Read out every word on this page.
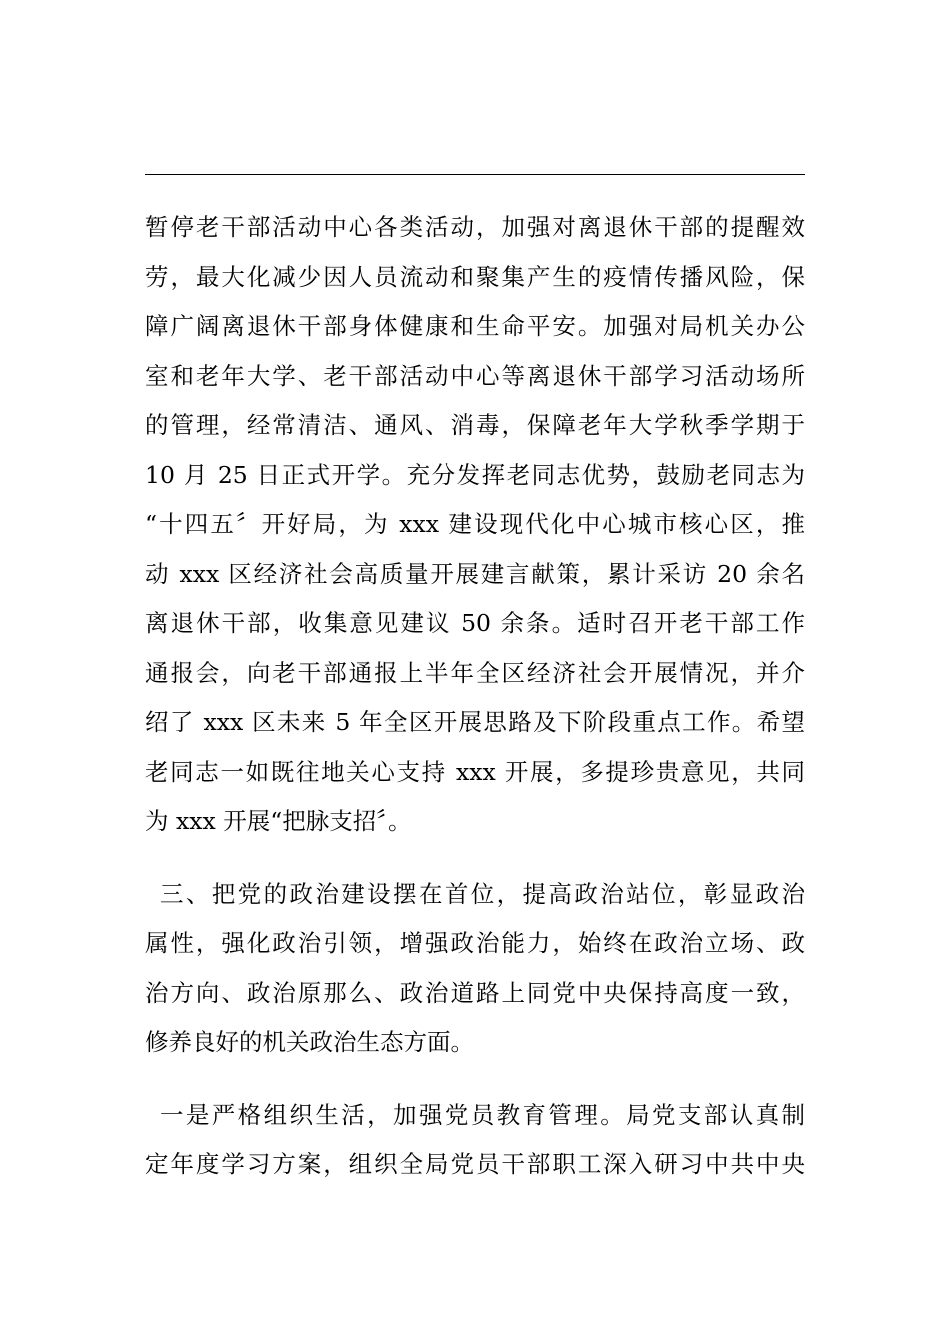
暂停老干部活动中心各类活动，加强对离退休干部的提醒效
劳，最大化减少因人员流动和聚集产生的疫情传播风险，保
障广阔离退休干部身体健康和生命平安。加强对局机关办公
室和老年大学、老干部活动中心等离退休干部学习活动场所
的管理，经常清洁、通风、消毒，保障老年大学秋季学期于
10 月 25 日正式开学。充分发挥老同志优势，鼓励老同志为
“十四五〞开好局，为 xxx 建设现代化中心城市核心区，推
动 xxx 区经济社会高质量开展建言献策，累计采访 20 余名
离退休干部，收集意见建议 50 余条。适时召开老干部工作
通报会，向老干部通报上半年全区经济社会开展情况，并介
绍了 xxx 区未来 5 年全区开展思路及下阶段重点工作。希望
老同志一如既往地关心支持 xxx 开展，多提珍贵意见，共同
为 xxx 开展“把脉支招〞。
三、把党的政治建设摆在首位，提高政治站位，彰显政治
属性，强化政治引领，增强政治能力，始终在政治立场、政
治方向、政治原那么、政治道路上同党中央保持高度一致，
修养良好的机关政治生态方面。
一是严格组织生活，加强党员教育管理。局党支部认真制
定年度学习方案，组织全局党员干部职工深入研习中共中央
